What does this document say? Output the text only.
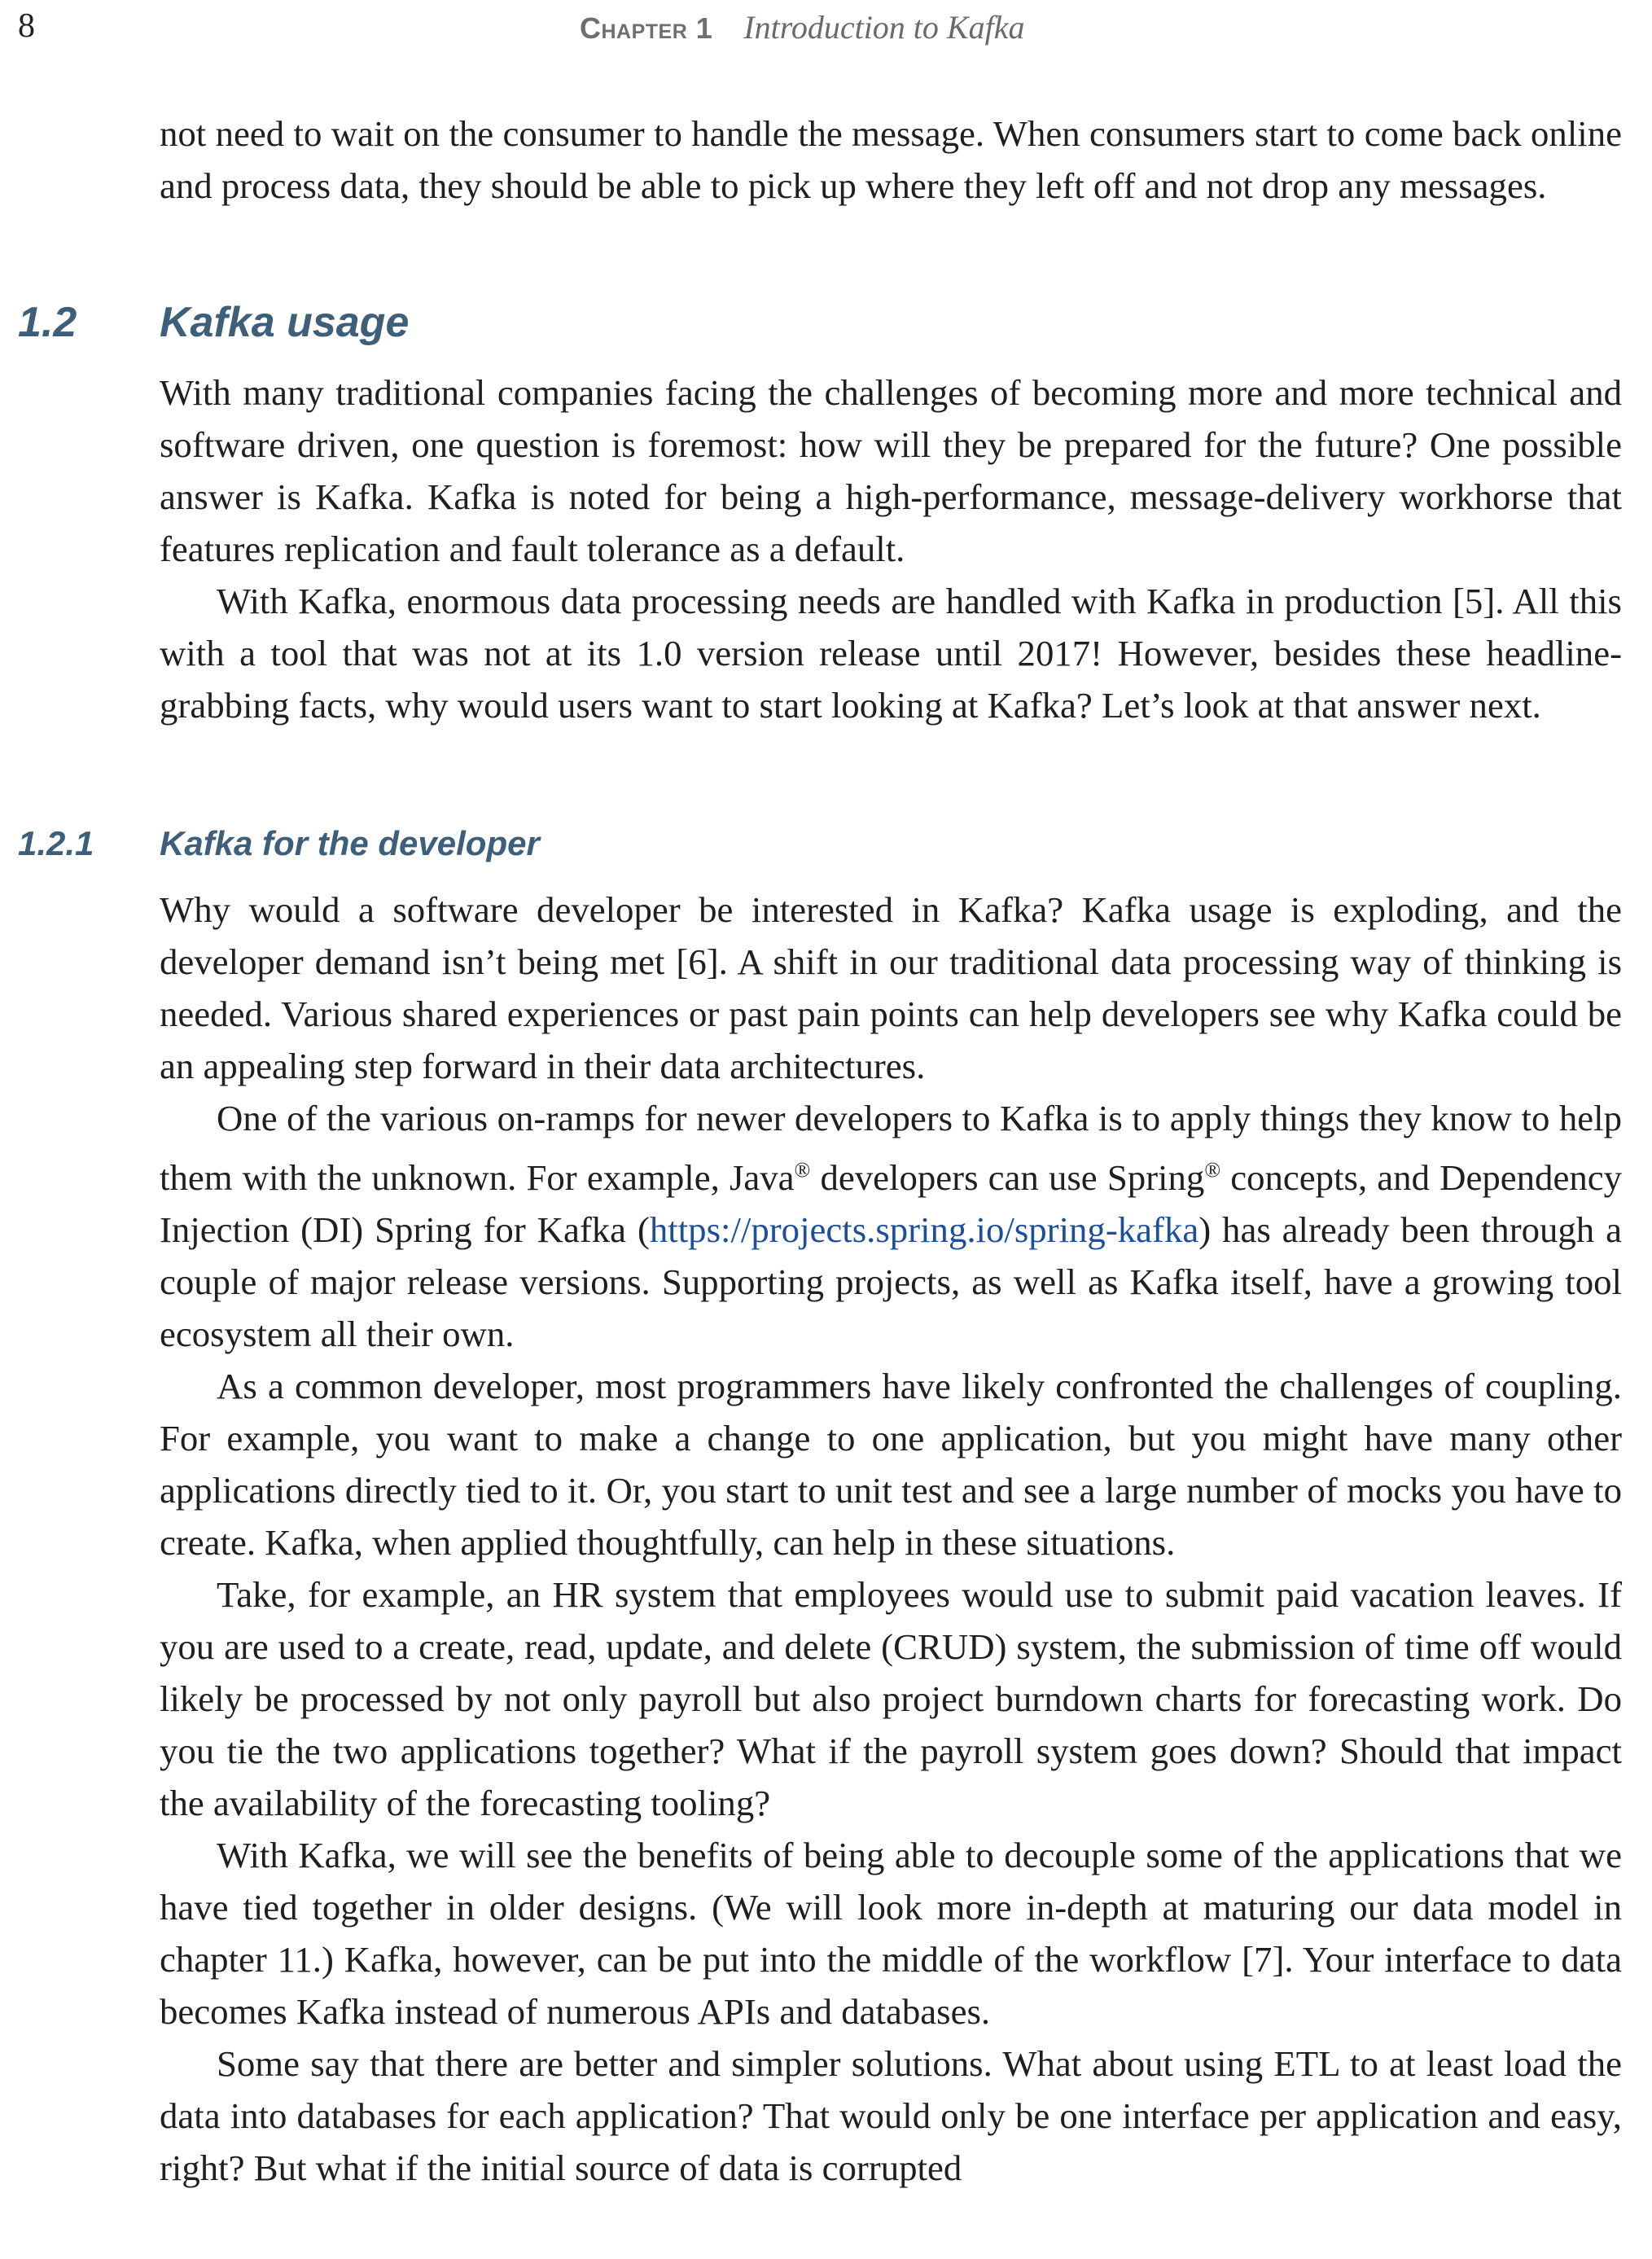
8	Chapter 1 Introduction to Kafka

not need to wait on the consumer to handle the message. When consumers start to come back online and process data, they should be able to pick up where they left off and not drop any messages.

1.2 Kafka usage

With many traditional companies facing the challenges of becoming more and more technical and software driven, one question is foremost: how will they be prepared for the future? One possible answer is Kafka. Kafka is noted for being a high-performance, message-delivery workhorse that features replication and fault tolerance as a default.

With Kafka, enormous data processing needs are handled with Kafka in production [5]. All this with a tool that was not at its 1.0 version release until 2017! However, besides these headline-grabbing facts, why would users want to start looking at Kafka? Let’s look at that answer next.

1.2.1 Kafka for the developer

Why would a software developer be interested in Kafka? Kafka usage is exploding, and the developer demand isn’t being met [6]. A shift in our traditional data processing way of thinking is needed. Various shared experiences or past pain points can help developers see why Kafka could be an appealing step forward in their data architectures.

One of the various on-ramps for newer developers to Kafka is to apply things they know to help them with the unknown. For example, Java® developers can use Spring® concepts, and Dependency Injection (DI) Spring for Kafka (https://projects.spring.io/spring-kafka) has already been through a couple of major release versions. Supporting projects, as well as Kafka itself, have a growing tool ecosystem all their own.

As a common developer, most programmers have likely confronted the challenges of coupling. For example, you want to make a change to one application, but you might have many other applications directly tied to it. Or, you start to unit test and see a large number of mocks you have to create. Kafka, when applied thoughtfully, can help in these situations.

Take, for example, an HR system that employees would use to submit paid vacation leaves. If you are used to a create, read, update, and delete (CRUD) system, the submission of time off would likely be processed by not only payroll but also project burndown charts for forecasting work. Do you tie the two applications together? What if the payroll system goes down? Should that impact the availability of the forecasting tooling?

With Kafka, we will see the benefits of being able to decouple some of the applications that we have tied together in older designs. (We will look more in-depth at maturing our data model in chapter 11.) Kafka, however, can be put into the middle of the workflow [7]. Your interface to data becomes Kafka instead of numerous APIs and databases.

Some say that there are better and simpler solutions. What about using ETL to at least load the data into databases for each application? That would only be one interface per application and easy, right? But what if the initial source of data is corrupted
